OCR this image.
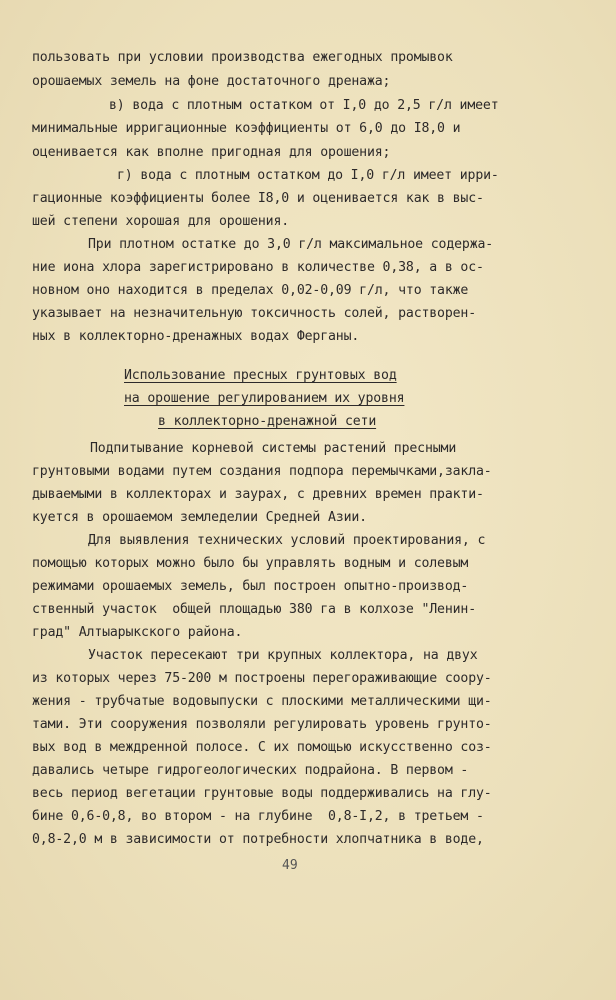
пользовать при условии производства ежегодных промывок
орошаемых земель на фоне достаточного дренажа;
в) вода с плотным остатком от I,0 до 2,5 г/л имеет
минимальные ирригационные коэффициенты от 6,0 до I8,0 и
оценивается как вполне пригодная для орошения;
г) вода с плотным остатком до I,0 г/л имеет ирри-
гационные коэффициенты более I8,0 и оценивается как в выс-
шей степени хорошая для орошения.
При плотном остатке до 3,0 г/л максимальное содержа-
ние иона хлора зарегистрировано в количестве 0,38, а в ос-
новном оно находится в пределах 0,02-0,09 г/л, что также
указывает на незначительную токсичность солей, растворен-
ных в коллекторно-дренажных водах Ферганы.
Использование пресных грунтовых вод
на орошение регулированием их уровня
в коллекторно-дренажной сети
Подпитывание корневой системы растений пресными
грунтовыми водами путем создания подпора перемычками,закла-
дываемыми в коллекторах и заурах, с древних времен практи-
куется в орошаемом земледелии Средней Азии.
Для выявления технических условий проектирования, с
помощью которых можно было бы управлять водным и солевым
режимами орошаемых земель, был построен опытно-производ-
ственный участок  общей площадью 380 га в колхозе "Ленин-
град" Алтыарыкского района.
Участок пересекают три крупных коллектора, на двух
из которых через 75-200 м построены перегораживающие соору-
жения - трубчатые водовыпуски с плоскими металлическими щи-
тами. Эти сооружения позволяли регулировать уровень грунто-
вых вод в междренной полосе. С их помощью искусственно соз-
давались четыре гидрогеологических подрайона. В первом -
весь период вегетации грунтовые воды поддерживались на глу-
бине 0,6-0,8, во втором - на глубине  0,8-I,2, в третьем -
0,8-2,0 м в зависимости от потребности хлопчатника в воде,
49
